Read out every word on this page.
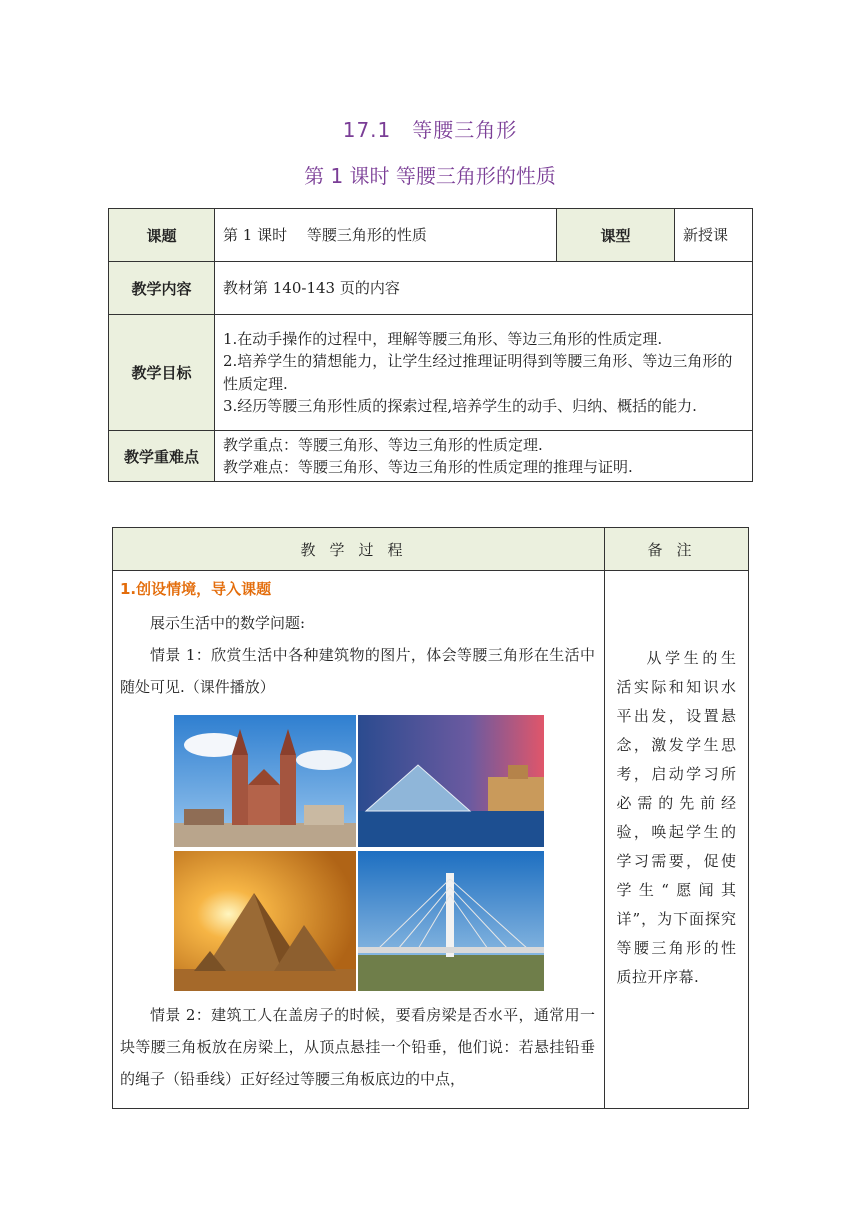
17.1　等腰三角形
第 1 课时 等腰三角形的性质
课题	第 1 课时　 等腰三角形的性质	课型	新授课
教学内容	教材第 140-143 页的内容		
教学目标	1.在动手操作的过程中，理解等腰三角形、等边三角形的性质定理.
2.培养学生的猜想能力，让学生经过推理证明得到等腰三角形、等边三角形的性质定理.
3.经历等腰三角形性质的探索过程,培养学生的动手、归纳、概括的能力.		

教学重难点	教学重点：等腰三角形、等边三角形的性质定理.
教学难点：等腰三角形、等边三角形的性质定理的推理与证明.		
教学过程	备注

1.创设情境，导入课题
展示生活中的数学问题:
情景 1：欣赏生活中各种建筑物的图片，体会等腰三角形在生活中随处可见.（课件播放）
情景 2：建筑工人在盖房子的时候，要看房梁是否水平，通常用一块等腰三角板放在房梁上，从顶点悬挂一个铅垂，他们说：若悬挂铅垂的绳子（铅垂线）正好经过等腰三角板底边的中点，	从学生的生活实际和知识水平出发，设置悬念，激发学生思考，启动学习所必需的先前经验，唤起学生的学习需要，促使学生“愿闻其详”，为下面探究等腰三角形的性质拉开序幕.
